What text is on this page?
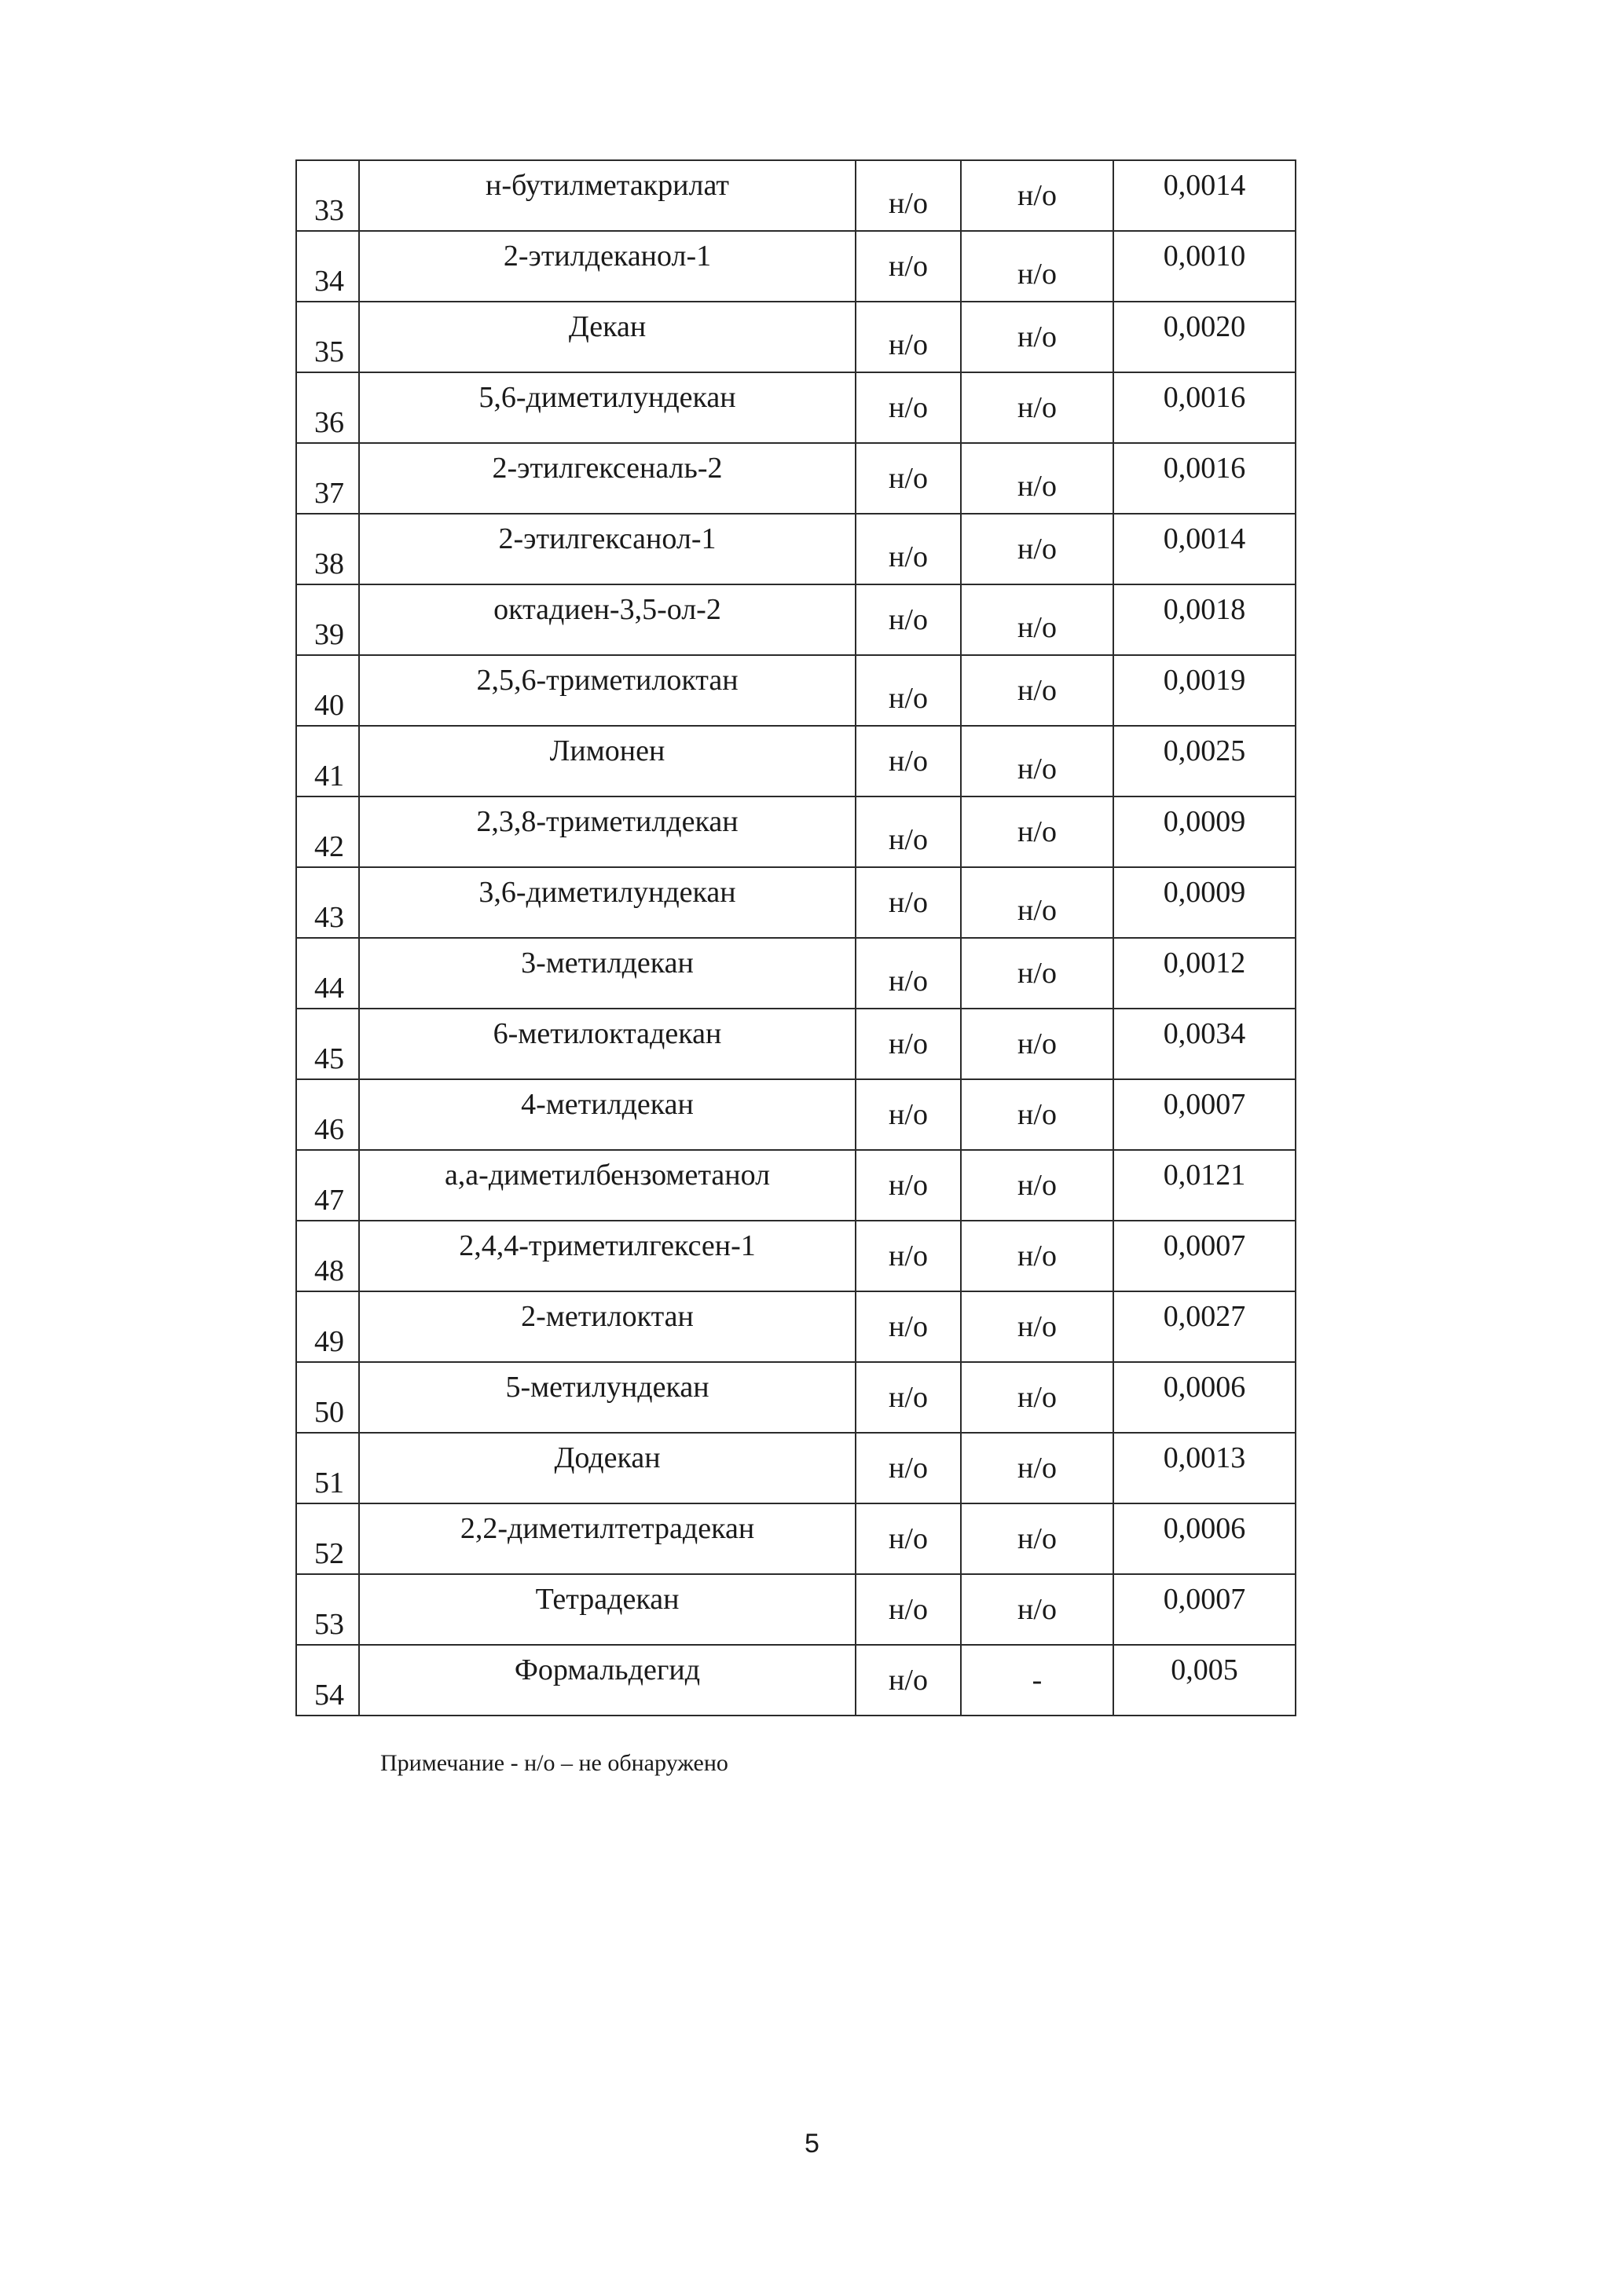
33	н-бутилметакрилат	н/о	н/о	0,0014

34	2-этилдеканол-1	н/о	н/о	0,0010

35	Декан	н/о	н/о	0,0020

36	5,6-диметилундекан	н/о	н/о	0,0016

37	2-этилгексеналь-2	н/о	н/о	0,0016

38	2-этилгексанол-1	н/о	н/о	0,0014

39	октадиен-3,5-ол-2	н/о	н/о	0,0018

40	2,5,6-триметилоктан	н/о	н/о	0,0019

41	Лимонен	н/о	н/о	0,0025

42	2,3,8-триметилдекан	н/о	н/о	0,0009

43	3,6-диметилундекан	н/о	н/о	0,0009

44	3-метилдекан	н/о	н/о	0,0012

45	6-метилоктадекан	н/о	н/о	0,0034

46	4-метилдекан	н/о	н/о	0,0007

47	а,а-диметилбензометанол	н/о	н/о	0,0121

48	2,4,4-триметилгексен-1	н/о	н/о	0,0007

49	2-метилоктан	н/о	н/о	0,0027

50	5-метилундекан	н/о	н/о	0,0006

51	Додекан	н/о	н/о	0,0013

52	2,2-диметилтетрадекан	н/о	н/о	0,0006

53	Тетрадекан	н/о	н/о	0,0007

54	Формальдегид	н/о	-	0,005
Примечание - н/о – не обнаружено
5
